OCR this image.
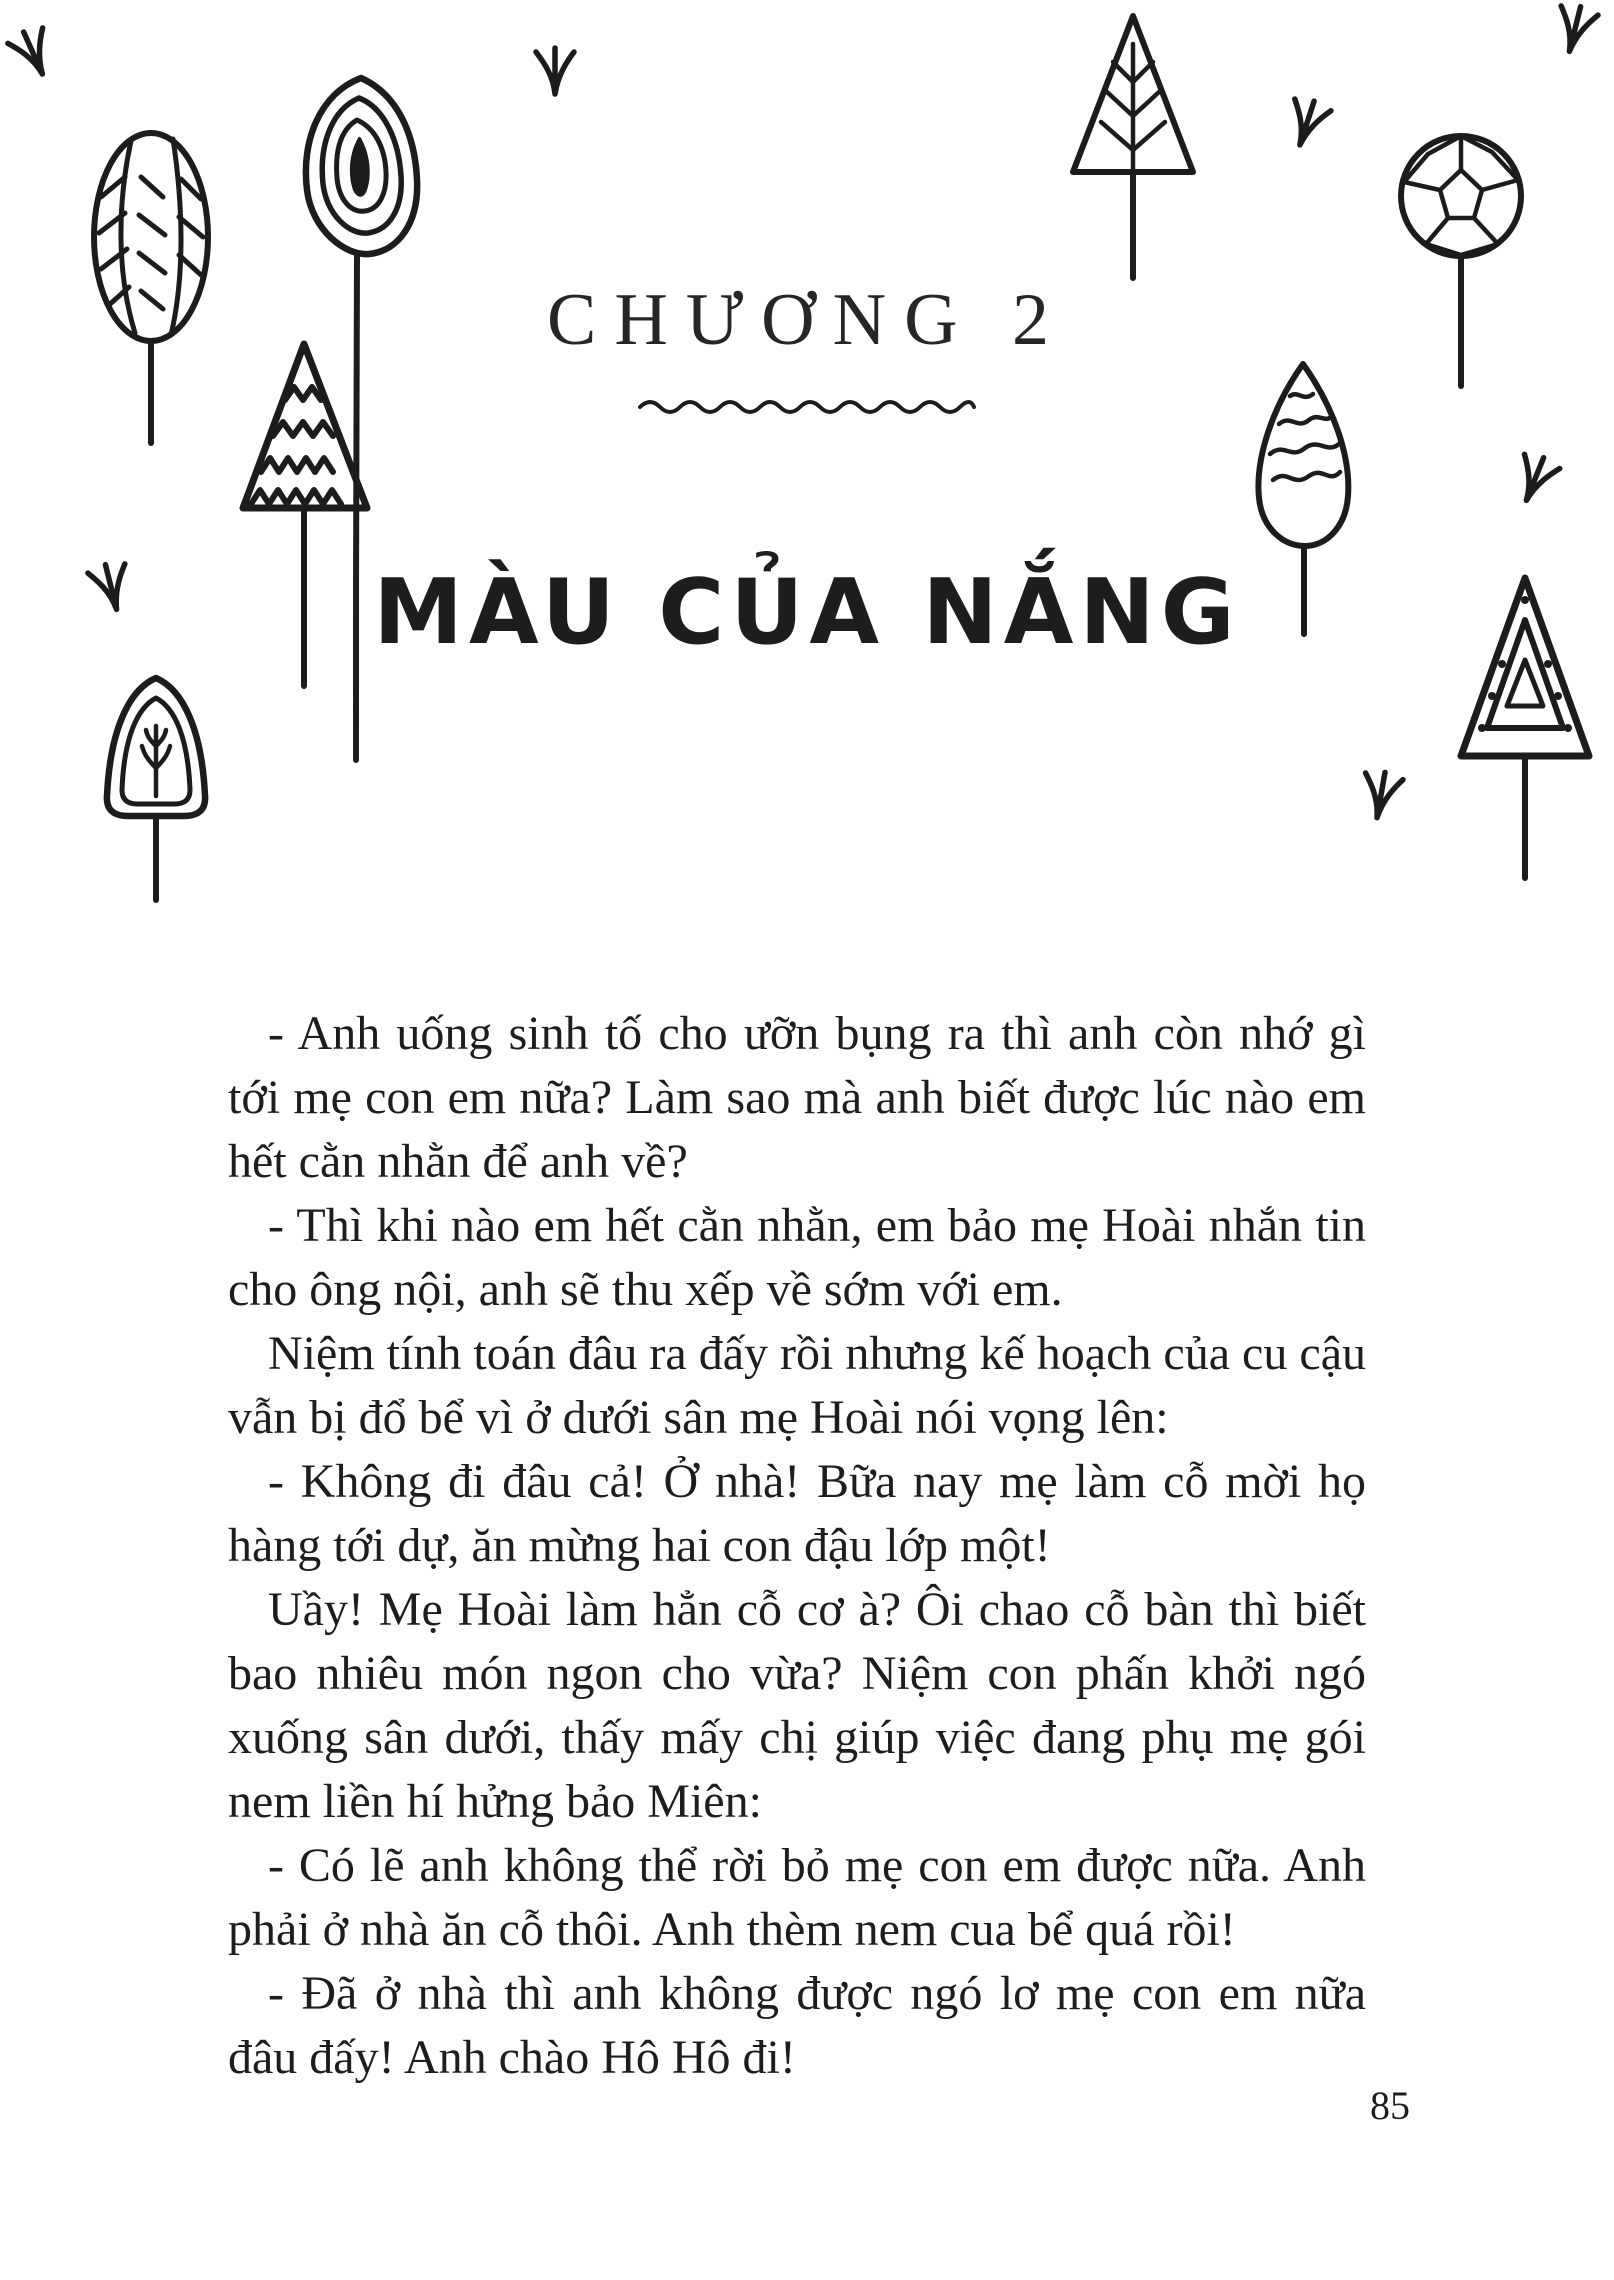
CHƯƠNG 2
MÀU CỦA NẮNG

- Anh uống sinh tố cho ưỡn bụng ra thì anh còn nhớ gì tới mẹ con em nữa? Làm sao mà anh biết được lúc nào em hết cằn nhằn để anh về?

- Thì khi nào em hết cằn nhằn, em bảo mẹ Hoài nhắn tin cho ông nội, anh sẽ thu xếp về sớm với em.

Niệm tính toán đâu ra đấy rồi nhưng kế hoạch của cu cậu vẫn bị đổ bể vì ở dưới sân mẹ Hoài nói vọng lên:

- Không đi đâu cả! Ở nhà! Bữa nay mẹ làm cỗ mời họ hàng tới dự, ăn mừng hai con đậu lớp một!

Uầy! Mẹ Hoài làm hẳn cỗ cơ à? Ôi chao cỗ bàn thì biết bao nhiêu món ngon cho vừa? Niệm con phấn khởi ngó xuống sân dưới, thấy mấy chị giúp việc đang phụ mẹ gói nem liền hí hửng bảo Miên:

- Có lẽ anh không thể rời bỏ mẹ con em được nữa. Anh phải ở nhà ăn cỗ thôi. Anh thèm nem cua bể quá rồi!

- Đã ở nhà thì anh không được ngó lơ mẹ con em nữa đâu đấy! Anh chào Hô Hô đi!

85
